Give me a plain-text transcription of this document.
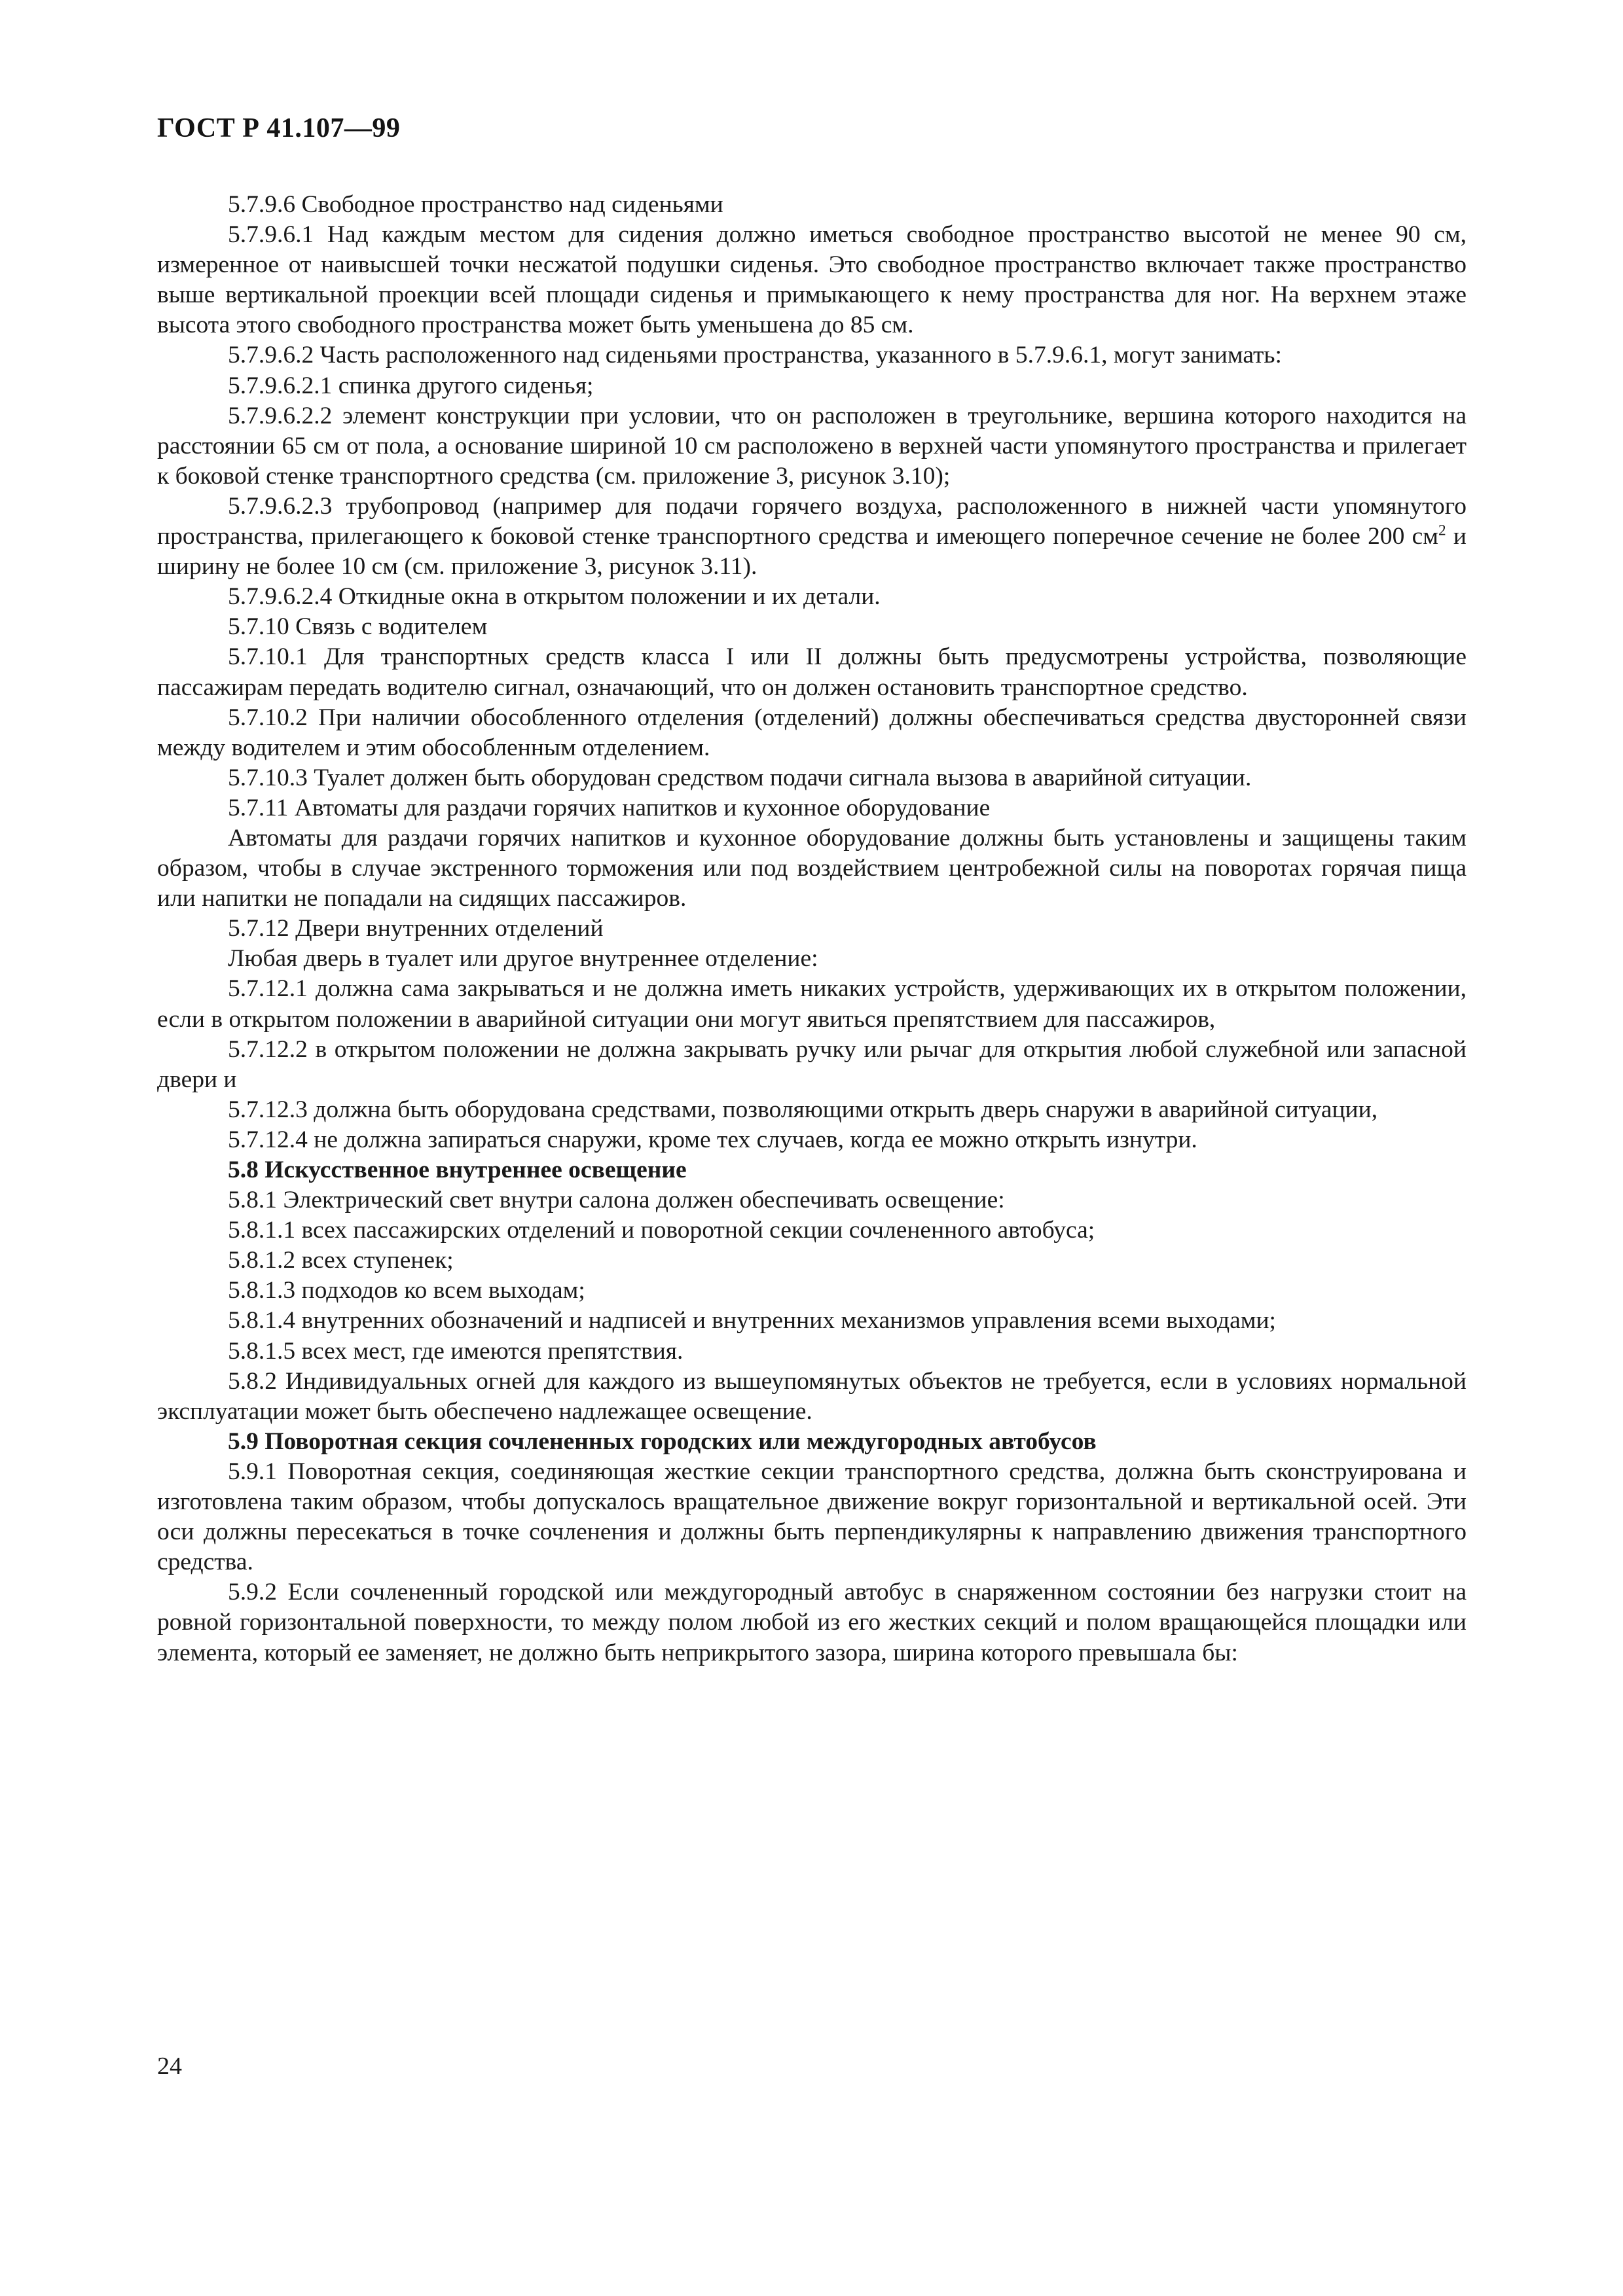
ГОСТ Р 41.107—99

5.7.9.6 Свободное пространство над сиденьями

5.7.9.6.1 Над каждым местом для сидения должно иметься свободное пространство высотой не менее 90 см, измеренное от наивысшей точки несжатой подушки сиденья. Это свободное пространство включает также пространство выше вертикальной проекции всей площади сиденья и примыкающего к нему пространства для ног. На верхнем этаже высота этого свободного пространства может быть уменьшена до 85 см.

5.7.9.6.2 Часть расположенного над сиденьями пространства, указанного в 5.7.9.6.1, могут занимать:

5.7.9.6.2.1 спинка другого сиденья;

5.7.9.6.2.2 элемент конструкции при условии, что он расположен в треугольнике, вершина которого находится на расстоянии 65 см от пола, а основание шириной 10 см расположено в верхней части упомянутого пространства и прилегает к боковой стенке транспортного средства (см. приложение 3, рисунок 3.10);

5.7.9.6.2.3 трубопровод (например для подачи горячего воздуха, расположенного в нижней части упомянутого пространства, прилегающего к боковой стенке транспортного средства и имеющего поперечное сечение не более 200 $см^2$ и ширину не более 10 см (см. приложение 3, рисунок 3.11).

5.7.9.6.2.4 Откидные окна в открытом положении и их детали.

5.7.10 Связь с водителем

5.7.10.1 Для транспортных средств класса I или II должны быть предусмотрены устройства, позволяющие пассажирам передать водителю сигнал, означающий, что он должен остановить транспортное средство.

5.7.10.2 При наличии обособленного отделения (отделений) должны обеспечиваться средства двусторонней связи между водителем и этим обособленным отделением.

5.7.10.3 Туалет должен быть оборудован средством подачи сигнала вызова в аварийной ситуации.

5.7.11 Автоматы для раздачи горячих напитков и кухонное оборудование

Автоматы для раздачи горячих напитков и кухонное оборудование должны быть установлены и защищены таким образом, чтобы в случае экстренного торможения или под воздействием центробежной силы на поворотах горячая пища или напитки не попадали на сидящих пассажиров.

5.7.12 Двери внутренних отделений

Любая дверь в туалет или другое внутреннее отделение:

5.7.12.1 должна сама закрываться и не должна иметь никаких устройств, удерживающих их в открытом положении, если в открытом положении в аварийной ситуации они могут явиться препятствием для пассажиров,

5.7.12.2 в открытом положении не должна закрывать ручку или рычаг для открытия любой служебной или запасной двери и

5.7.12.3 должна быть оборудована средствами, позволяющими открыть дверь снаружи в аварийной ситуации,

5.7.12.4 не должна запираться снаружи, кроме тех случаев, когда ее можно открыть изнутри.

5.8 Искусственное внутреннее освещение

5.8.1 Электрический свет внутри салона должен обеспечивать освещение:

5.8.1.1 всех пассажирских отделений и поворотной секции сочлененного автобуса;

5.8.1.2 всех ступенек;

5.8.1.3 подходов ко всем выходам;

5.8.1.4 внутренних обозначений и надписей и внутренних механизмов управления всеми выходами;

5.8.1.5 всех мест, где имеются препятствия.

5.8.2 Индивидуальных огней для каждого из вышеупомянутых объектов не требуется, если в условиях нормальной эксплуатации может быть обеспечено надлежащее освещение.

5.9 Поворотная секция сочлененных городских или междугородных автобусов

5.9.1 Поворотная секция, соединяющая жесткие секции транспортного средства, должна быть сконструирована и изготовлена таким образом, чтобы допускалось вращательное движение вокруг горизонтальной и вертикальной осей. Эти оси должны пересекаться в точке сочленения и должны быть перпендикулярны к направлению движения транспортного средства.

5.9.2 Если сочлененный городской или междугородный автобус в снаряженном состоянии без нагрузки стоит на ровной горизонтальной поверхности, то между полом любой из его жестких секций и полом вращающейся площадки или элемента, который ее заменяет, не должно быть неприкрытого зазора, ширина которого превышала бы:

24
